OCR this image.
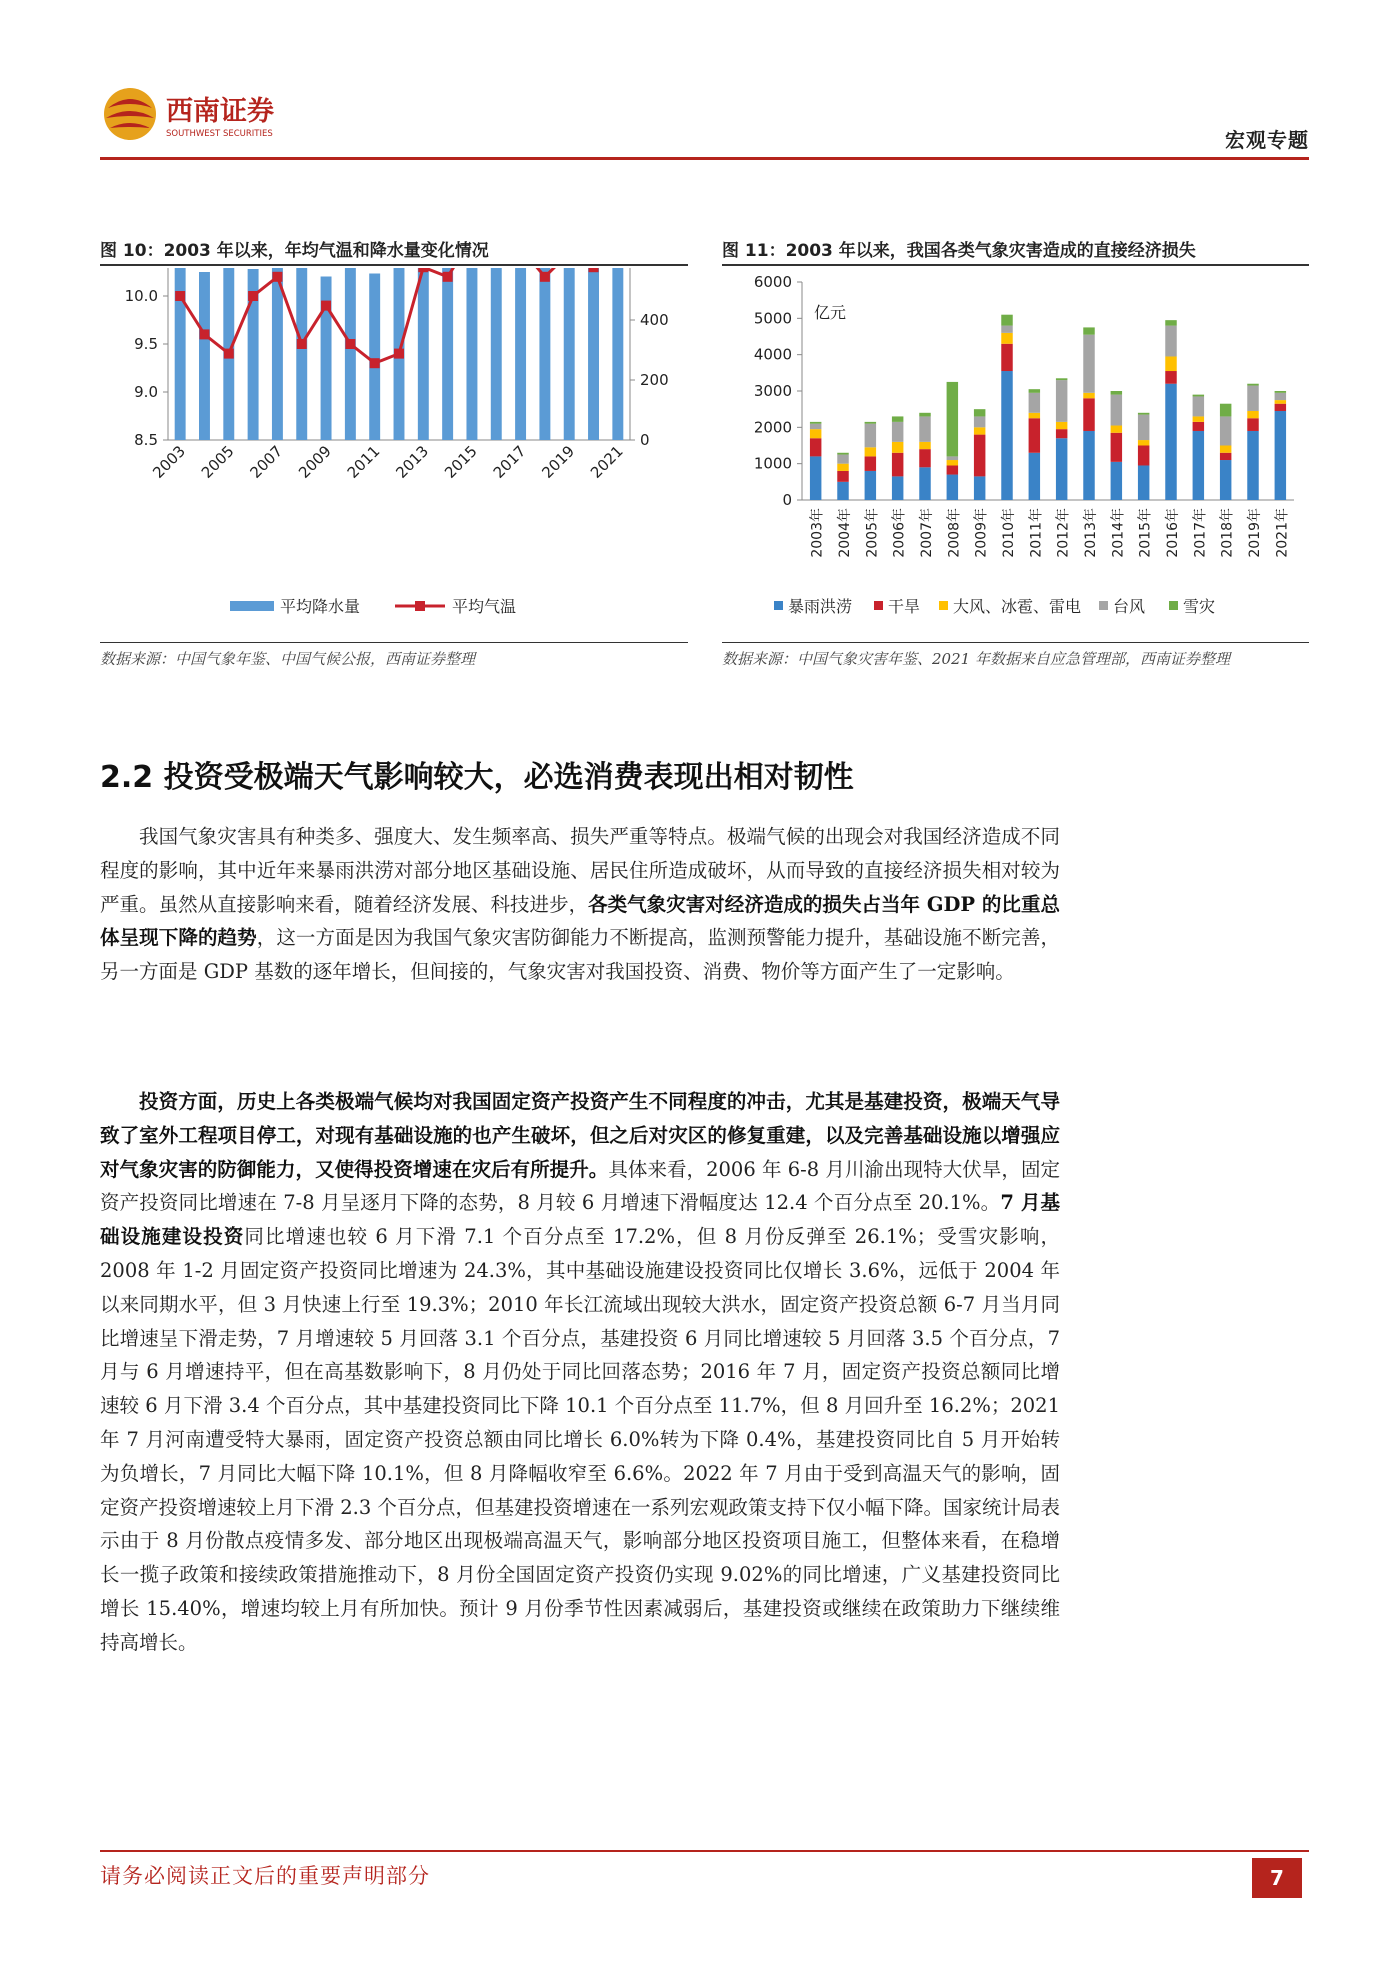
西南证券
SOUTHWEST SECURITIES	宏观专题
图 10：2003 年以来，年均气温和降水量变化情况
8.5
9.0
9.5
10.0
0
200
400
2003 2005 2007 2009 2011 2013 2015 2017 2019 2021
平均降水量	平均气温
数据来源：中国气象年鉴、中国气候公报，西南证券整理
图 11：2003 年以来，我国各类气象灾害造成的直接经济损失
0
1000
2000
3000
4000
5000
6000
亿元
2003年 2004年 2005年 2006年 2007年 2008年 2009年 2010年 2011年 2012年 2013年 2014年 2015年 2016年 2017年 2018年 2019年 2021年
暴雨洪涝 干旱 大风、冰雹、雷电 台风 雪灾
数据来源：中国气象灾害年鉴、2021 年数据来自应急管理部，西南证券整理
2.2 投资受极端天气影响较大，必选消费表现出相对韧性

我国气象灾害具有种类多、强度大、发生频率高、损失严重等特点。极端气候的出现会对我国经济造成不同程度的影响，其中近年来暴雨洪涝对部分地区基础设施、居民住所造成破坏，从而导致的直接经济损失相对较为严重。虽然从直接影响来看，随着经济发展、科技进步，各类气象灾害对经济造成的损失占当年 GDP 的比重总体呈现下降的趋势，这一方面是因为我国气象灾害防御能力不断提高，监测预警能力提升，基础设施不断完善，另一方面是 GDP 基数的逐年增长，但间接的，气象灾害对我国投资、消费、物价等方面产生了一定影响。

投资方面，历史上各类极端气候均对我国固定资产投资产生不同程度的冲击，尤其是基建投资，极端天气导致了室外工程项目停工，对现有基础设施的也产生破坏，但之后对灾区的修复重建，以及完善基础设施以增强应对气象灾害的防御能力，又使得投资增速在灾后有所提升。具体来看，2006 年 6-8 月川渝出现特大伏旱，固定资产投资同比增速在 7-8 月呈逐月下降的态势，8 月较 6 月增速下滑幅度达 12.4 个百分点至 20.1%。7 月基础设施建设投资同比增速也较 6 月下滑 7.1 个百分点至 17.2%，但 8 月份反弹至 26.1%；受雪灾影响，2008 年 1-2 月固定资产投资同比增速为 24.3%，其中基础设施建设投资同比仅增长 3.6%，远低于 2004 年以来同期水平，但 3 月快速上行至 19.3%；2010 年长江流域出现较大洪水，固定资产投资总额 6-7 月当月同比增速呈下滑走势，7 月增速较 5 月回落 3.1 个百分点，基建投资 6 月同比增速较 5 月回落 3.5 个百分点，7 月与 6 月增速持平，但在高基数影响下，8 月仍处于同比回落态势；2016 年 7 月，固定资产投资总额同比增速较 6 月下滑 3.4 个百分点，其中基建投资同比下降 10.1 个百分点至 11.7%，但 8 月回升至 16.2%；2021 年 7 月河南遭受特大暴雨，固定资产投资总额由同比增长 6.0%转为下降 0.4%，基建投资同比自 5 月开始转为负增长，7 月同比大幅下降 10.1%，但 8 月降幅收窄至 6.6%。2022 年 7 月由于受到高温天气的影响，固定资产投资增速较上月下滑 2.3 个百分点，但基建投资增速在一系列宏观政策支持下仅小幅下降。国家统计局表示由于 8 月份散点疫情多发、部分地区出现极端高温天气，影响部分地区投资项目施工，但整体来看，在稳增长一揽子政策和接续政策措施推动下，8 月份全国固定资产投资仍实现 9.02%的同比增速，广义基建投资同比增长 15.40%，增速均较上月有所加快。预计 9 月份季节性因素减弱后，基建投资或继续在政策助力下继续维持高增长。

请务必阅读正文后的重要声明部分	7
